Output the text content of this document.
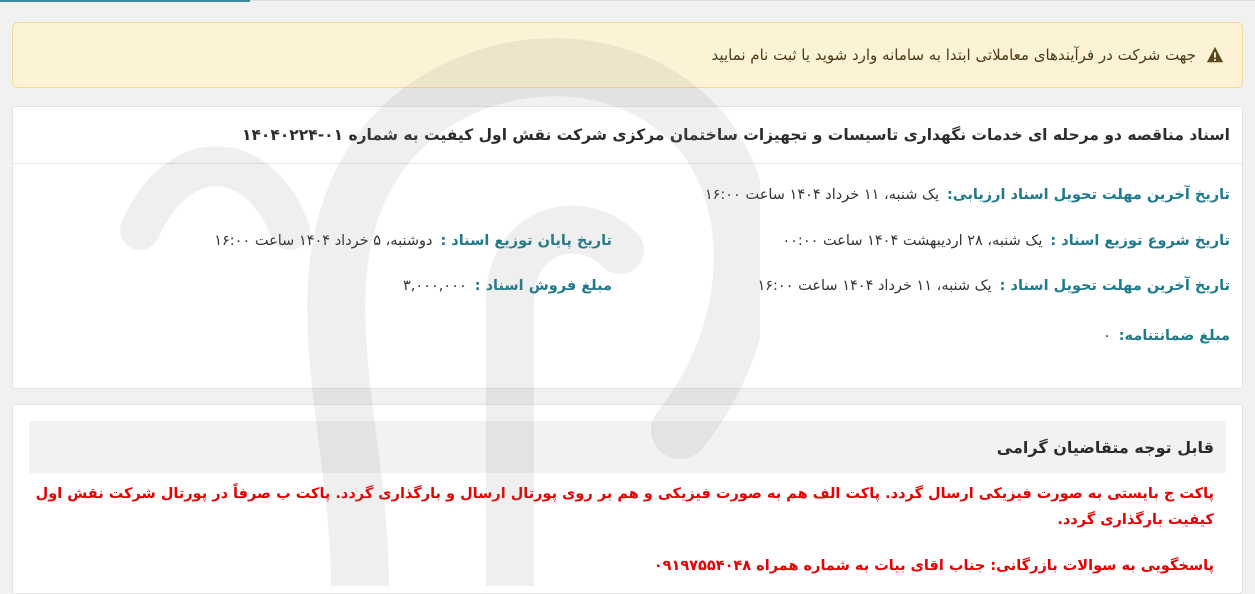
جهت شرکت در فرآیندهای معاملاتی ابتدا به سامانه وارد شوید یا ثبت نام نمایید
اسناد مناقصه دو مرحله ای خدمات نگهداری تاسیسات و تجهیزات ساختمان مرکزی شرکت نقش اول کیفیت به شماره ۰۱-۱۴۰۴۰۲۲۴
تاریخ آخرین مهلت تحویل اسناد ارزیابی:
یک شنبه، ۱۱ خرداد ۱۴۰۴ ساعت ۱۶:۰۰
تاریخ شروع توزیع اسناد :
یک شنبه، ۲۸ اردیبهشت ۱۴۰۴ ساعت ۰۰:۰۰
تاریخ پایان توزیع اسناد :
دوشنبه، ۵ خرداد ۱۴۰۴ ساعت ۱۶:۰۰
تاریخ آخرین مهلت تحویل اسناد :
یک شنبه، ۱۱ خرداد ۱۴۰۴ ساعت ۱۶:۰۰
مبلغ فروش اسناد :
۳,۰۰۰,۰۰۰
مبلغ ضمانتنامه:
۰
قابل توجه متقاضیان گرامی
پاکت ج بایستی به صورت فیزیکی ارسال گردد. پاکت الف هم به صورت فیزیکی و هم بر روی پورتال ارسال و بارگذاری گردد. پاکت ب صرفاً در پورتال شرکت نقش اول کیفیت بارگذاری گردد.
پاسخگویی به سوالات بازرگانی: جناب اقای بیات به شماره همراه ۰۹۱۹۷۵۵۴۰۴۸
